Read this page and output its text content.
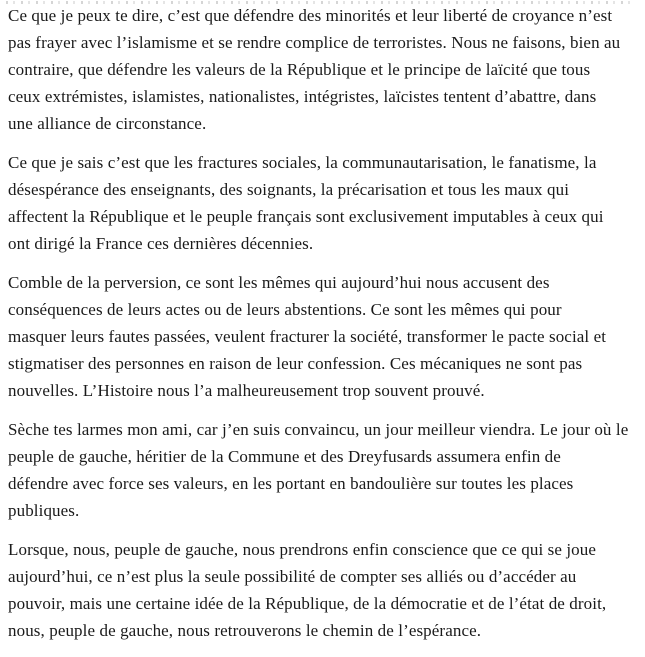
Ce que je peux te dire, c’est que défendre des minorités et leur liberté de croyance n’est
pas frayer avec l’islamisme et se rendre complice de terroristes. Nous ne faisons, bien au
contraire, que défendre les valeurs de la République et le principe de laïcité que tous
ceux extrémistes, islamistes, nationalistes, intégristes, laïcistes tentent d’abattre, dans
une alliance de circonstance.

Ce que je sais c’est que les fractures sociales, la communautarisation, le fanatisme, la
désespérance des enseignants, des soignants, la précarisation et tous les maux qui
affectent la République et le peuple français sont exclusivement imputables à ceux qui
ont dirigé la France ces dernières décennies.

Comble de la perversion, ce sont les mêmes qui aujourd’hui nous accusent des
conséquences de leurs actes ou de leurs abstentions. Ce sont les mêmes qui pour
masquer leurs fautes passées, veulent fracturer la société, transformer le pacte social et
stigmatiser des personnes en raison de leur confession. Ces mécaniques ne sont pas
nouvelles. L’Histoire nous l’a malheureusement trop souvent prouvé.

Sèche tes larmes mon ami, car j’en suis convaincu, un jour meilleur viendra. Le jour où le
peuple de gauche, héritier de la Commune et des Dreyfusards assumera enfin de
défendre avec force ses valeurs, en les portant en bandoulière sur toutes les places
publiques.

Lorsque, nous, peuple de gauche, nous prendrons enfin conscience que ce qui se joue
aujourd’hui, ce n’est plus la seule possibilité de compter ses alliés ou d’accéder au
pouvoir, mais une certaine idée de la République, de la démocratie et de l’état de droit,
nous, peuple de gauche, nous retrouverons le chemin de l’espérance.
